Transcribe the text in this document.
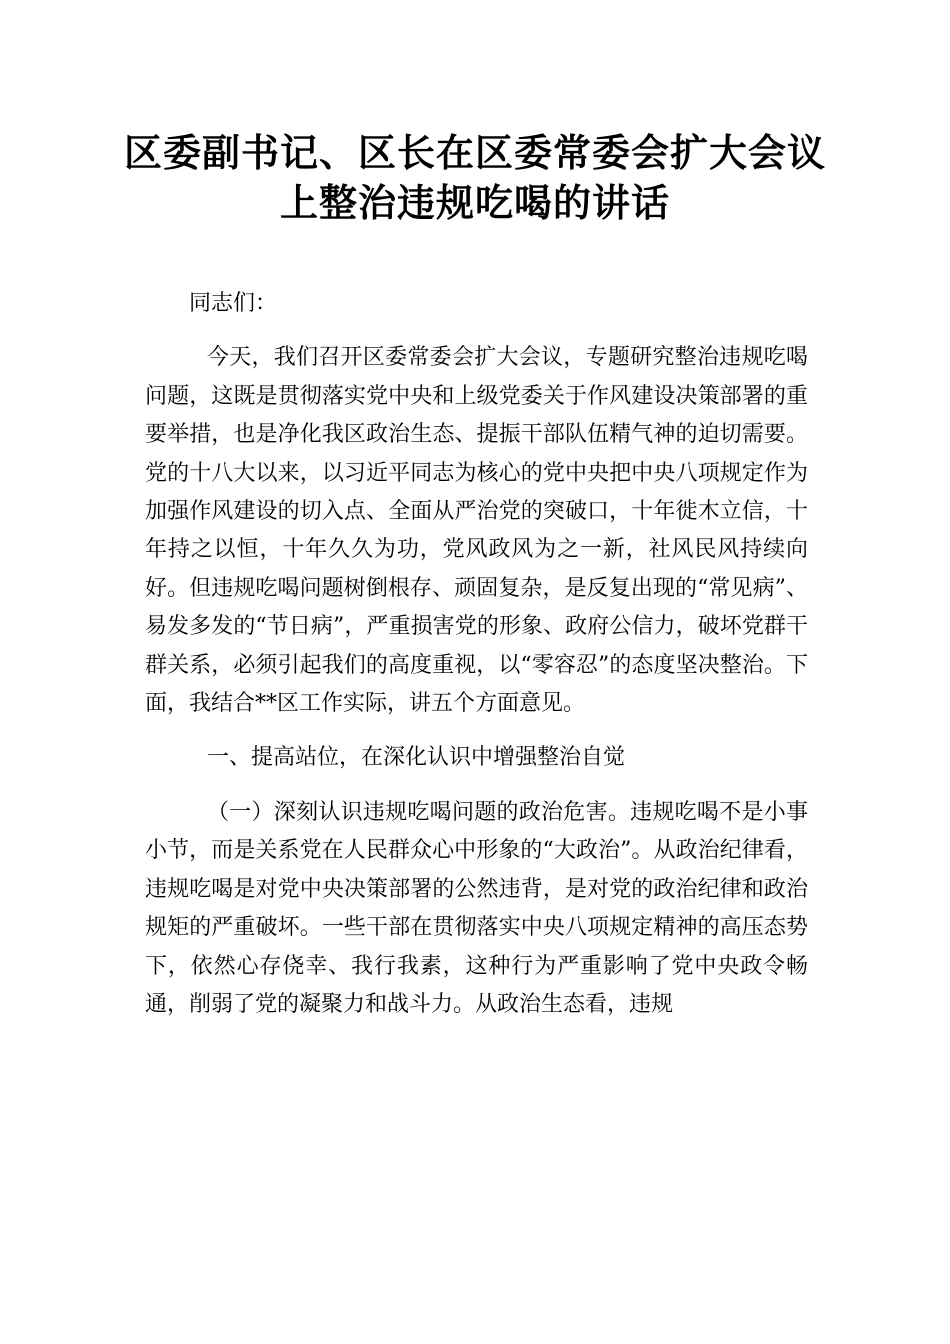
区委副书记、区长在区委常委会扩大会议
上整治违规吃喝的讲话

同志们：

今天，我们召开区委常委会扩大会议，专题研究整治违规吃喝问题，这既是贯彻落实党中央和上级党委关于作风建设决策部署的重要举措，也是净化我区政治生态、提振干部队伍精气神的迫切需要。党的十八大以来，以习近平同志为核心的党中央把中央八项规定作为加强作风建设的切入点、全面从严治党的突破口，十年徙木立信，十年持之以恒，十年久久为功，党风政风为之一新，社风民风持续向好。但违规吃喝问题树倒根存、顽固复杂，是反复出现的“常见病”、易发多发的“节日病”，严重损害党的形象、政府公信力，破坏党群干群关系，必须引起我们的高度重视，以“零容忍”的态度坚决整治。下面，我结合**区工作实际，讲五个方面意见。

一、提高站位，在深化认识中增强整治自觉

（一）深刻认识违规吃喝问题的政治危害。违规吃喝不是小事小节，而是关系党在人民群众心中形象的“大政治”。从政治纪律看，违规吃喝是对党中央决策部署的公然违背，是对党的政治纪律和政治规矩的严重破坏。一些干部在贯彻落实中央八项规定精神的高压态势下，依然心存侥幸、我行我素，这种行为严重影响了党中央政令畅通，削弱了党的凝聚力和战斗力。从政治生态看，违规
